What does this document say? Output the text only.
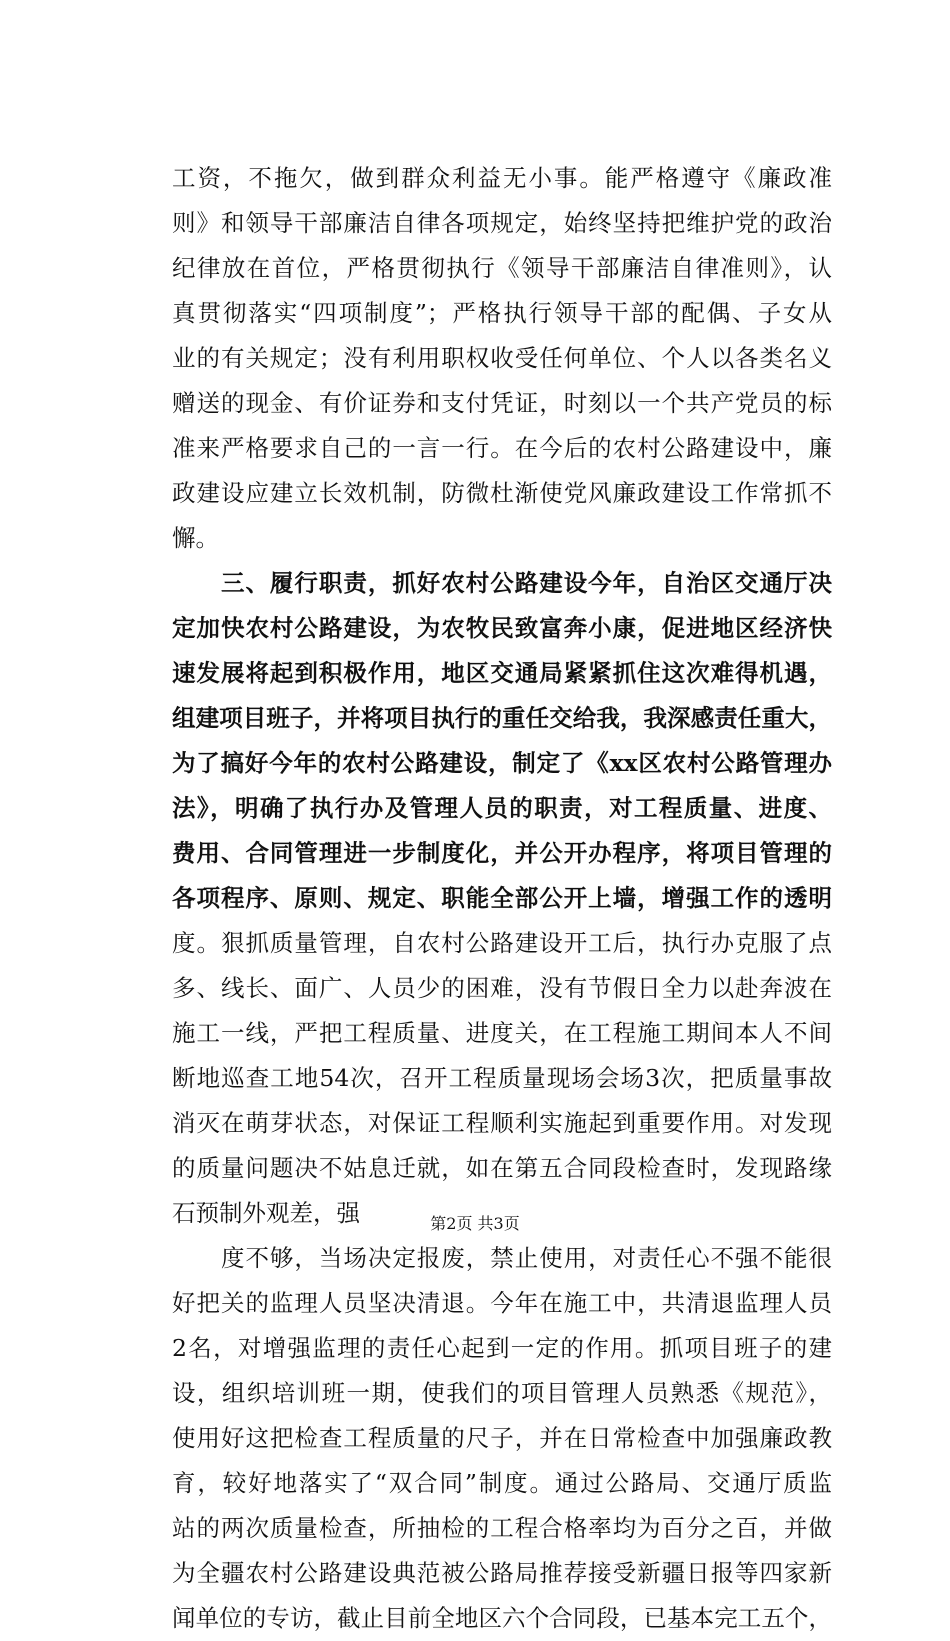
工资，不拖欠，做到群众利益无小事。能严格遵守《廉政准
则》和领导干部廉洁自律各项规定，始终坚持把维护党的政治
纪律放在首位，严格贯彻执行《领导干部廉洁自律准则》，认
真贯彻落实“四项制度”；严格执行领导干部的配偶、子女从
业的有关规定；没有利用职权收受任何单位、个人以各类名义
赠送的现金、有价证券和支付凭证，时刻以一个共产党员的标
准来严格要求自己的一言一行。在今后的农村公路建设中，廉
政建设应建立长效机制，防微杜渐使党风廉政建设工作常抓不
懈。
　　三、履行职责，抓好农村公路建设今年，自治区交通厅决
定加快农村公路建设，为农牧民致富奔小康，促进地区经济快
速发展将起到积极作用，地区交通局紧紧抓住这次难得机遇，
组建项目班子，并将项目执行的重任交给我，我深感责任重大，
为了搞好今年的农村公路建设，制定了《xx区农村公路管理办
法》，明确了执行办及管理人员的职责，对工程质量、进度、
费用、合同管理进一步制度化，并公开办程序，将项目管理的
各项程序、原则、规定、职能全部公开上墙，增强工作的透明
度。狠抓质量管理，自农村公路建设开工后，执行办克服了点
多、线长、面广、人员少的困难，没有节假日全力以赴奔波在
施工一线，严把工程质量、进度关，在工程施工期间本人不间
断地巡查工地54次，召开工程质量现场会场3次，把质量事故
消灭在萌芽状态，对保证工程顺利实施起到重要作用。对发现
的质量问题决不姑息迁就，如在第五合同段检查时，发现路缘
石预制外观差，强
　　度不够，当场决定报废，禁止使用，对责任心不强不能很
好把关的监理人员坚决清退。今年在施工中，共清退监理人员
2名，对增强监理的责任心起到一定的作用。抓项目班子的建
设，组织培训班一期，使我们的项目管理人员熟悉《规范》，
使用好这把检查工程质量的尺子，并在日常检查中加强廉政教
育，较好地落实了“双合同”制度。通过公路局、交通厅质监
站的两次质量检查，所抽检的工程合格率均为百分之百，并做
为全疆农村公路建设典范被公路局推荐接受新疆日报等四家新
闻单位的专访，截止目前全地区六个合同段，已基本完工五个，
第2页 共3页
